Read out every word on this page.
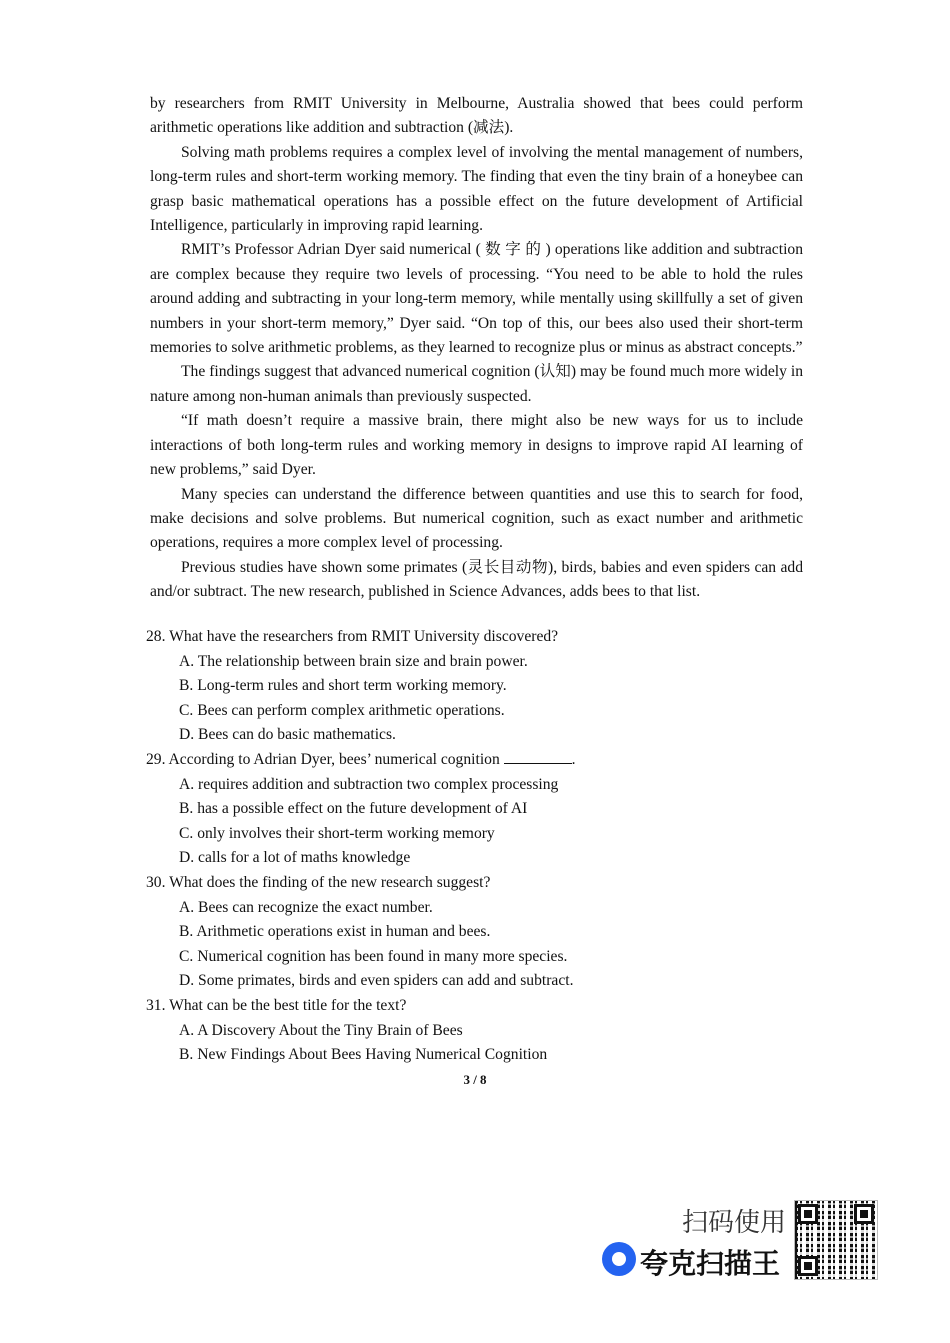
by researchers from RMIT University in Melbourne, Australia showed that bees could perform arithmetic operations like addition and subtraction (减法).

Solving math problems requires a complex level of involving the mental management of numbers, long-term rules and short-term working memory. The finding that even the tiny brain of a honeybee can grasp basic mathematical operations has a possible effect on the future development of Artificial Intelligence, particularly in improving rapid learning.

RMIT’s Professor Adrian Dyer said numerical ( 数 字 的 ) operations like addition and subtraction are complex because they require two levels of processing. “You need to be able to hold the rules around adding and subtracting in your long-term memory, while mentally using skillfully a set of given numbers in your short-term memory,” Dyer said. “On top of this, our bees also used their short-term memories to solve arithmetic problems, as they learned to recognize plus or minus as abstract concepts.”

The findings suggest that advanced numerical cognition (认知) may be found much more widely in nature among non-human animals than previously suspected.

“If math doesn’t require a massive brain, there might also be new ways for us to include interactions of both long-term rules and working memory in designs to improve rapid AI learning of new problems,” said Dyer.

Many species can understand the difference between quantities and use this to search for food, make decisions and solve problems. But numerical cognition, such as exact number and arithmetic operations, requires a more complex level of processing.

Previous studies have shown some primates (灵长目动物), birds, babies and even spiders can add and/or subtract. The new research, published in Science Advances, adds bees to that list.

28. What have the researchers from RMIT University discovered?

A. The relationship between brain size and brain power.

B. Long-term rules and short term working memory.

C. Bees can perform complex arithmetic operations.

D. Bees can do basic mathematics.

29. According to Adrian Dyer, bees’ numerical cognition	.

A. requires addition and subtraction two complex processing

B. has a possible effect on the future development of AI

C. only involves their short-term working memory

D. calls for a lot of maths knowledge

30. What does the finding of the new research suggest?

A. Bees can recognize the exact number.

B. Arithmetic operations exist in human and bees.

C. Numerical cognition has been found in many more species.

D. Some primates, birds and even spiders can add and subtract.

31. What can be the best title for the text?

A. A Discovery About the Tiny Brain of Bees

B. New Findings About Bees Having Numerical Cognition

3 / 8
扫码使用
夸克扫描王
